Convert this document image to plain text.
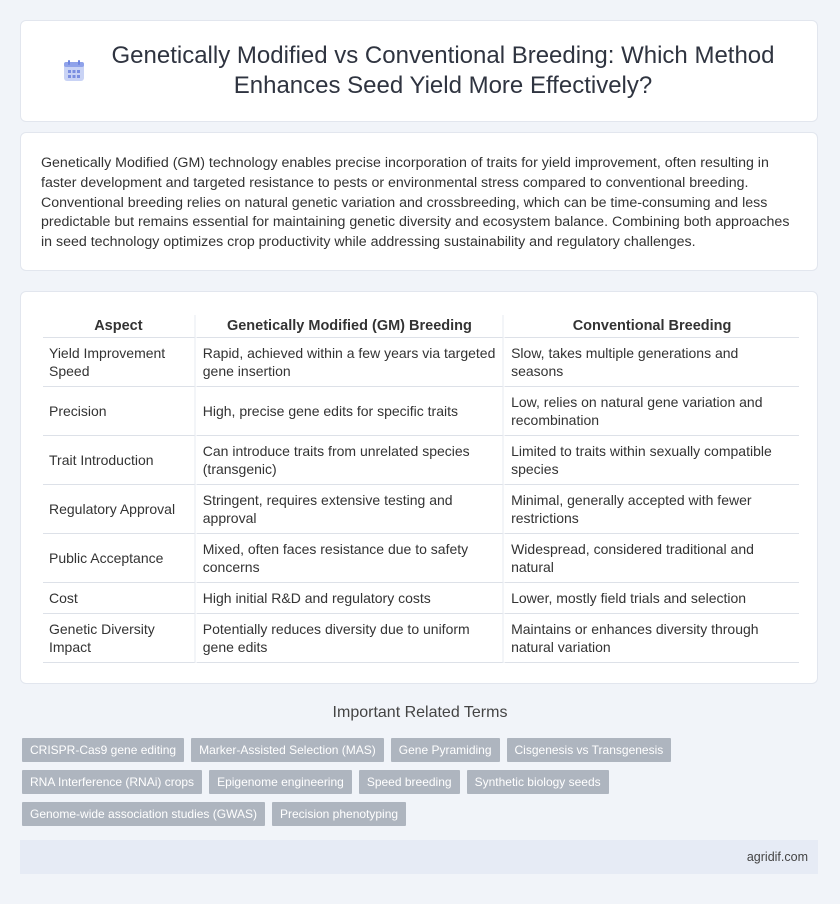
Genetically Modified vs Conventional Breeding: Which Method Enhances Seed Yield More Effectively?

Genetically Modified (GM) technology enables precise incorporation of traits for yield improvement, often resulting in faster development and targeted resistance to pests or environmental stress compared to conventional breeding. Conventional breeding relies on natural genetic variation and crossbreeding, which can be time-consuming and less predictable but remains essential for maintaining genetic diversity and ecosystem balance. Combining both approaches in seed technology optimizes crop productivity while addressing sustainability and regulatory challenges.

Aspect	Genetically Modified (GM) Breeding	Conventional Breeding
Yield Improvement Speed	Rapid, achieved within a few years via targeted gene insertion	Slow, takes multiple generations and seasons
Precision	High, precise gene edits for specific traits	Low, relies on natural gene variation and recombination
Trait Introduction	Can introduce traits from unrelated species (transgenic)	Limited to traits within sexually compatible species
Regulatory Approval	Stringent, requires extensive testing and approval	Minimal, generally accepted with fewer restrictions
Public Acceptance	Mixed, often faces resistance due to safety concerns	Widespread, considered traditional and natural
Cost	High initial R&D and regulatory costs	Lower, mostly field trials and selection
Genetic Diversity Impact	Potentially reduces diversity due to uniform gene edits	Maintains or enhances diversity through natural variation
Important Related Terms
CRISPR-Cas9 gene editing	Marker-Assisted Selection (MAS)	Gene Pyramiding	Cisgenesis vs Transgenesis
RNA Interference (RNAi) crops	Epigenome engineering	Speed breeding	Synthetic biology seeds
Genome-wide association studies (GWAS)	Precision phenotyping
agridif.com
